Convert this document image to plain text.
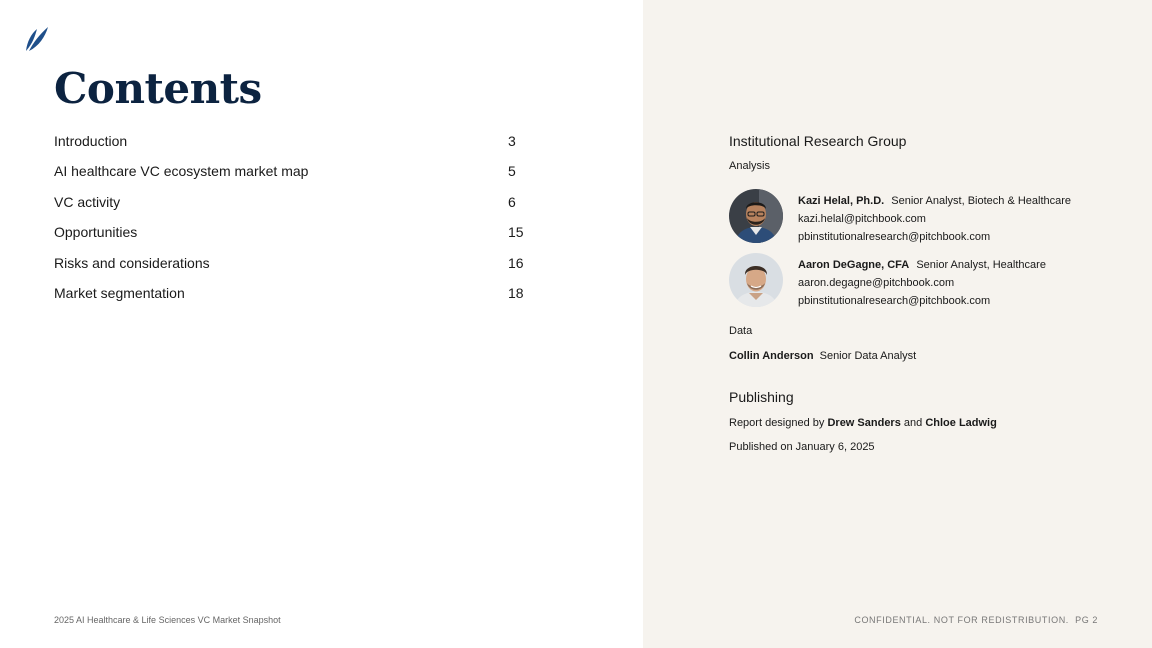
Contents
Introduction	3
AI healthcare VC ecosystem market map	5
VC activity	6
Opportunities	15
Risks and considerations	16
Market segmentation	18
2025 AI Healthcare & Life Sciences VC Market Snapshot
Institutional Research Group
Analysis
Kazi Helal, Ph.D. Senior Analyst, Biotech & Healthcare
kazi.helal@pitchbook.com
pbinstitutionalresearch@pitchbook.com
Aaron DeGagne, CFA Senior Analyst, Healthcare
aaron.degagne@pitchbook.com
pbinstitutionalresearch@pitchbook.com
Data
Collin Anderson Senior Data Analyst
Publishing
Report designed by Drew Sanders and Chloe Ladwig
Published on January 6, 2025
CONFIDENTIAL. NOT FOR REDISTRIBUTION.  PG 2
